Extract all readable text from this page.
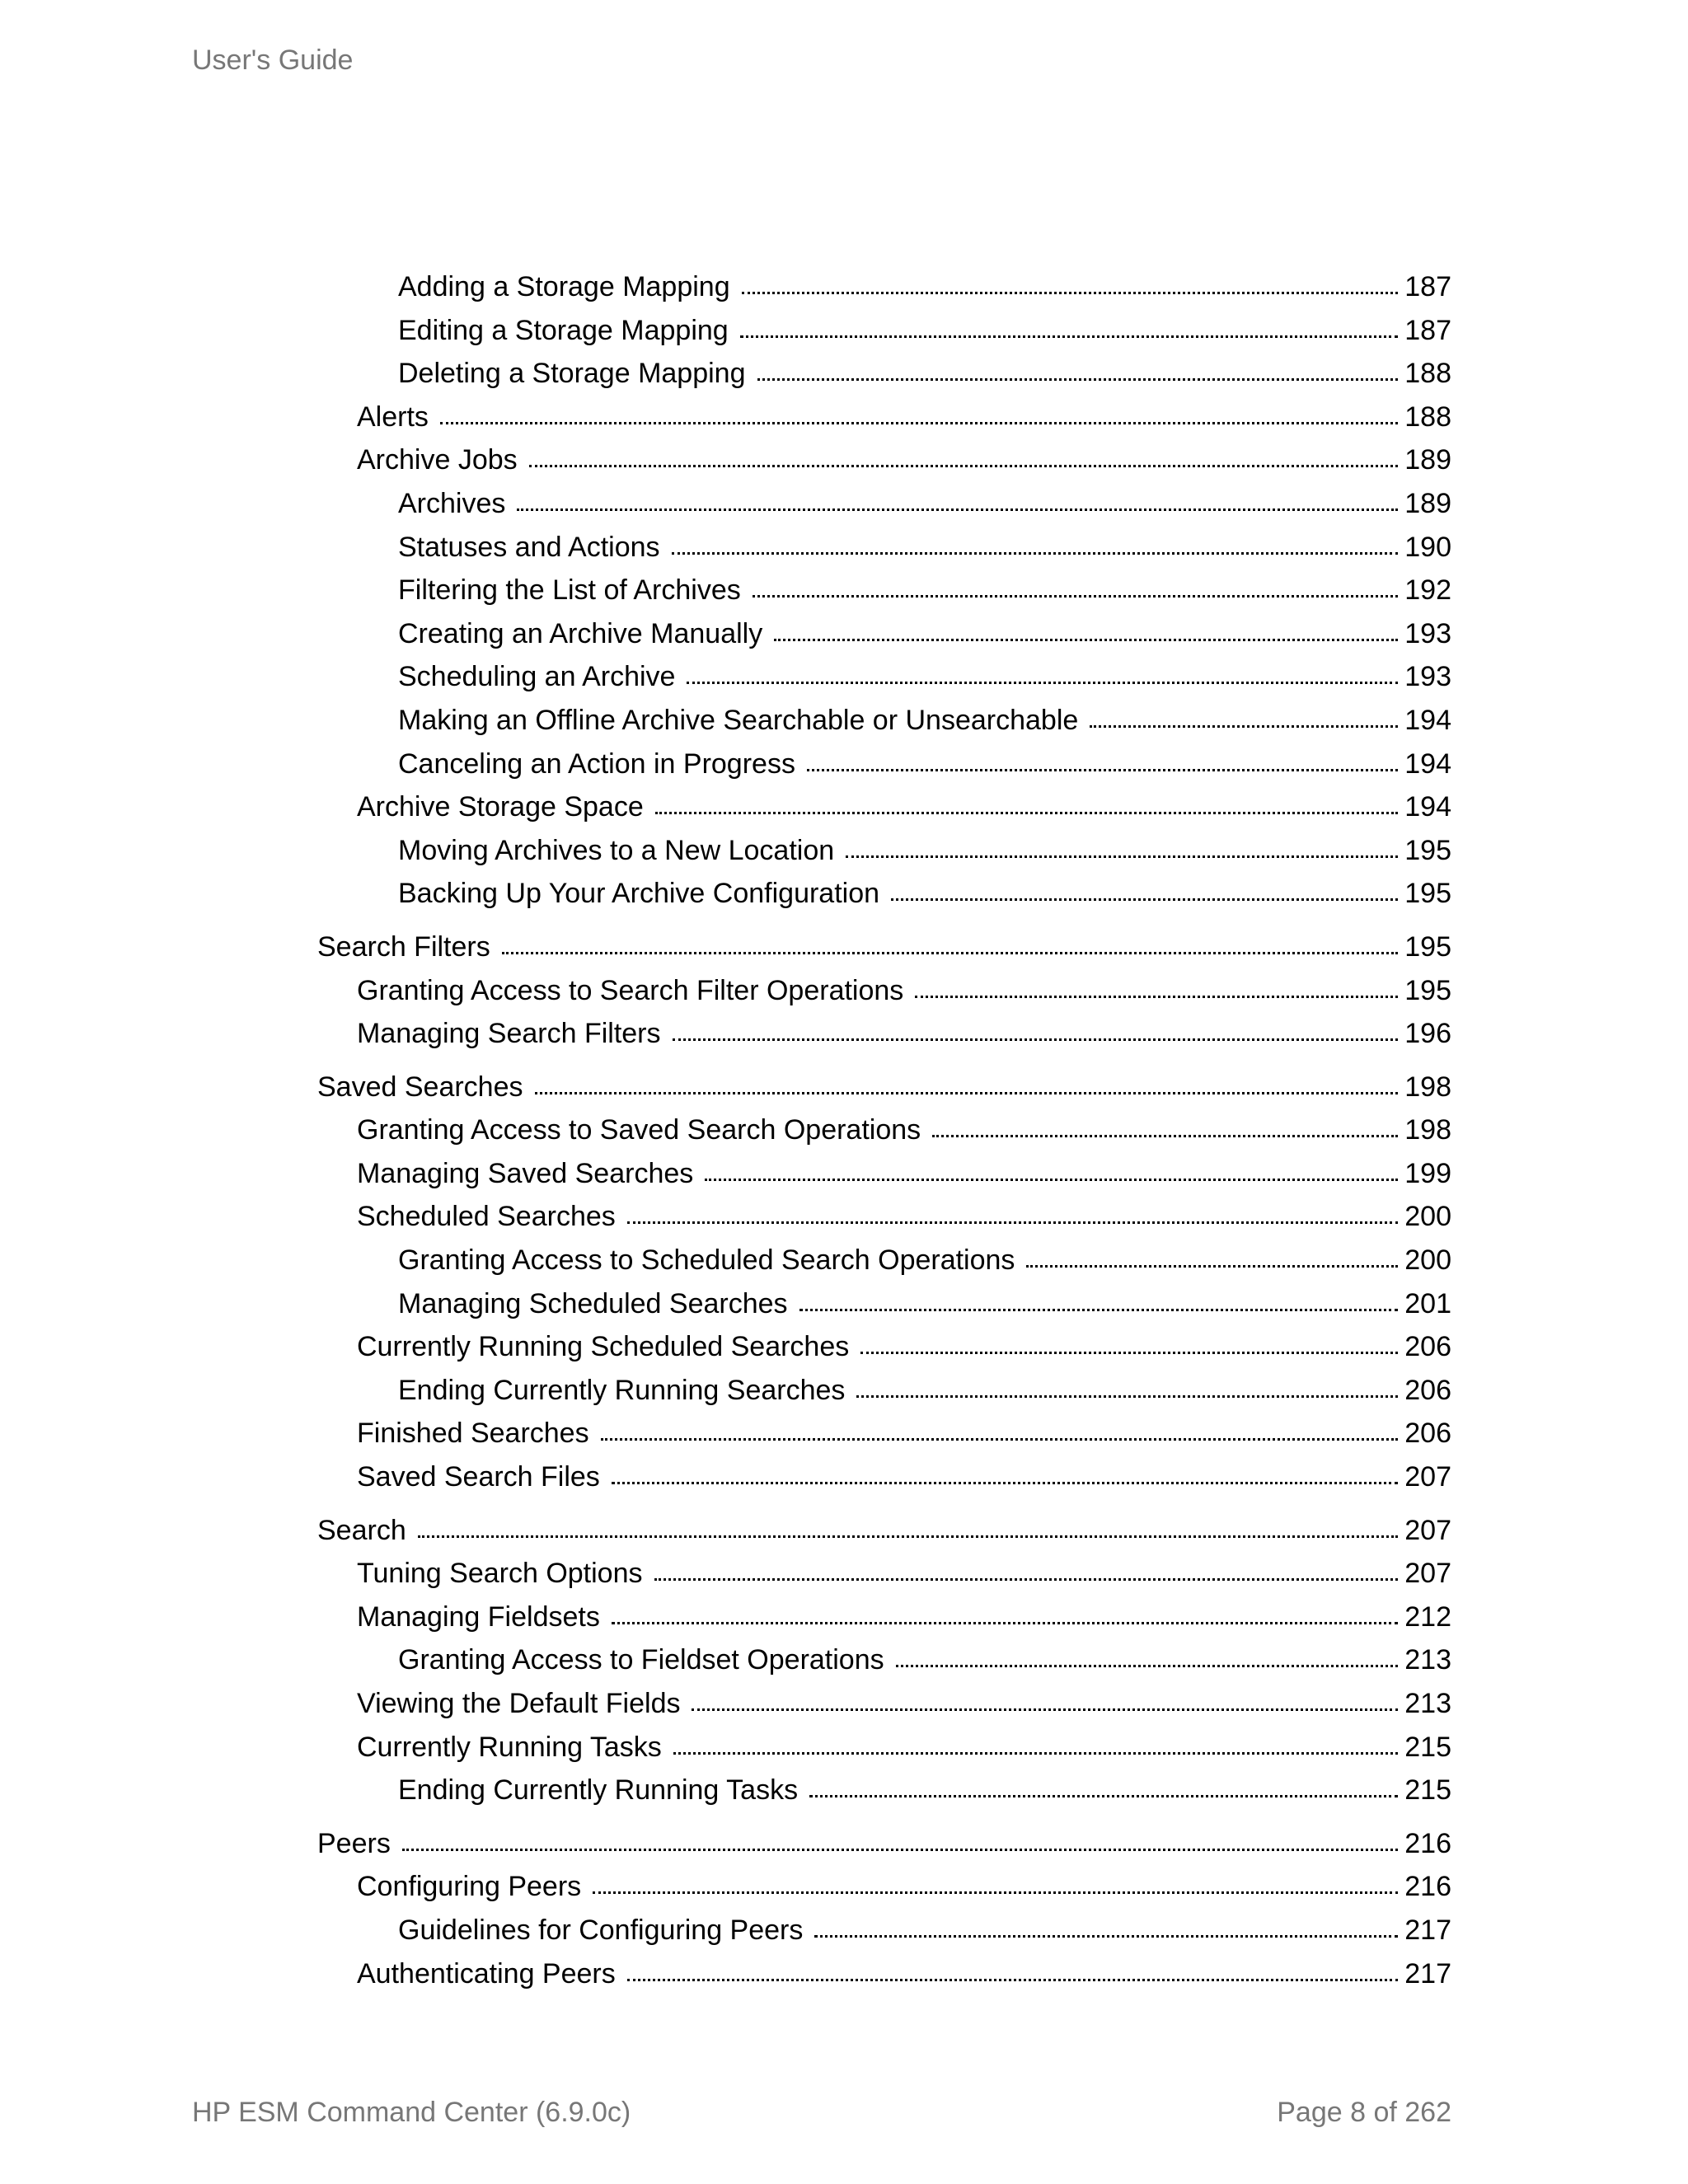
User's Guide
Adding a Storage Mapping	187
Editing a Storage Mapping	187
Deleting a Storage Mapping	188
Alerts	188
Archive Jobs	189
Archives	189
Statuses and Actions	190
Filtering the List of Archives	192
Creating an Archive Manually	193
Scheduling an Archive	193
Making an Offline Archive Searchable or Unsearchable	194
Canceling an Action in Progress	194
Archive Storage Space	194
Moving Archives to a New Location	195
Backing Up Your Archive Configuration	195
Search Filters	195
Granting Access to Search Filter Operations	195
Managing Search Filters	196
Saved Searches	198
Granting Access to Saved Search Operations	198
Managing Saved Searches	199
Scheduled Searches	200
Granting Access to Scheduled Search Operations	200
Managing Scheduled Searches	201
Currently Running Scheduled Searches	206
Ending Currently Running Searches	206
Finished Searches	206
Saved Search Files	207
Search	207
Tuning Search Options	207
Managing Fieldsets	212
Granting Access to Fieldset Operations	213
Viewing the Default Fields	213
Currently Running Tasks	215
Ending Currently Running Tasks	215
Peers	216
Configuring Peers	216
Guidelines for Configuring Peers	217
Authenticating Peers	217
HP ESM Command Center (6.9.0c)	Page 8 of 262
